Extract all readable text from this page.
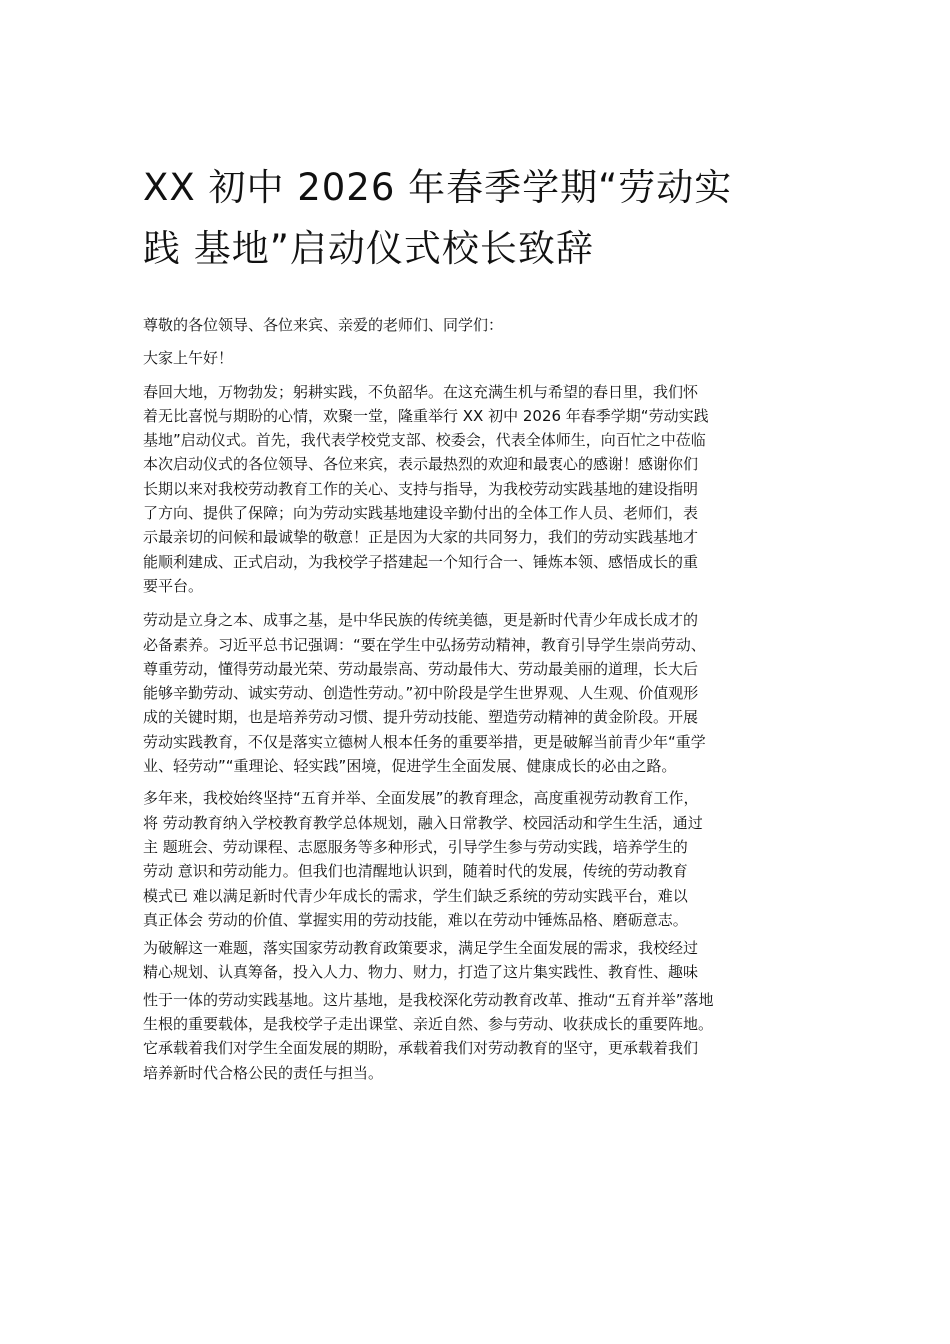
XX 初中 2026 年春季学期“劳动实
践 基地”启动仪式校长致辞

尊敬的各位领导、各位来宾、亲爱的老师们、同学们：

大家上午好！

春回大地，万物勃发；躬耕实践，不负韶华。在这充满生机与希望的春日里，我们怀
着无比喜悦与期盼的心情，欢聚一堂，隆重举行 XX 初中 2026 年春季学期“劳动实践
基地”启动仪式。首先，我代表学校党支部、校委会，代表全体师生，向百忙之中莅临
本次启动仪式的各位领导、各位来宾，表示最热烈的欢迎和最衷心的感谢！感谢你们
长期以来对我校劳动教育工作的关心、支持与指导，为我校劳动实践基地的建设指明
了方向、提供了保障；向为劳动实践基地建设辛勤付出的全体工作人员、老师们，表
示最亲切的问候和最诚挚的敬意！正是因为大家的共同努力，我们的劳动实践基地才
能顺利建成、正式启动，为我校学子搭建起一个知行合一、锤炼本领、感悟成长的重
要平台。

劳动是立身之本、成事之基，是中华民族的传统美德，更是新时代青少年成长成才的
必备素养。习近平总书记强调：“要在学生中弘扬劳动精神，教育引导学生崇尚劳动、
尊重劳动，懂得劳动最光荣、劳动最崇高、劳动最伟大、劳动最美丽的道理，长大后
能够辛勤劳动、诚实劳动、创造性劳动。”初中阶段是学生世界观、人生观、价值观形
成的关键时期，也是培养劳动习惯、提升劳动技能、塑造劳动精神的黄金阶段。开展
劳动实践教育，不仅是落实立德树人根本任务的重要举措，更是破解当前青少年“重学
业、轻劳动”“重理论、轻实践”困境，促进学生全面发展、健康成长的必由之路。

多年来，我校始终坚持“五育并举、全面发展”的教育理念，高度重视劳动教育工作，
将 劳动教育纳入学校教育教学总体规划，融入日常教学、校园活动和学生生活，通过
主 题班会、劳动课程、志愿服务等多种形式，引导学生参与劳动实践，培养学生的
劳动 意识和劳动能力。但我们也清醒地认识到，随着时代的发展，传统的劳动教育
模式已 难以满足新时代青少年成长的需求，学生们缺乏系统的劳动实践平台，难以
真正体会 劳动的价值、掌握实用的劳动技能，难以在劳动中锤炼品格、磨砺意志。

为破解这一难题，落实国家劳动教育政策要求，满足学生全面发展的需求，我校经过
精心规划、认真筹备，投入人力、物力、财力，打造了这片集实践性、教育性、趣味
性于一体的劳动实践基地。这片基地，是我校深化劳动教育改革、推动“五育并举”落地
生根的重要载体，是我校学子走出课堂、亲近自然、参与劳动、收获成长的重要阵地。
它承载着我们对学生全面发展的期盼，承载着我们对劳动教育的坚守，更承载着我们
培养新时代合格公民的责任与担当。
